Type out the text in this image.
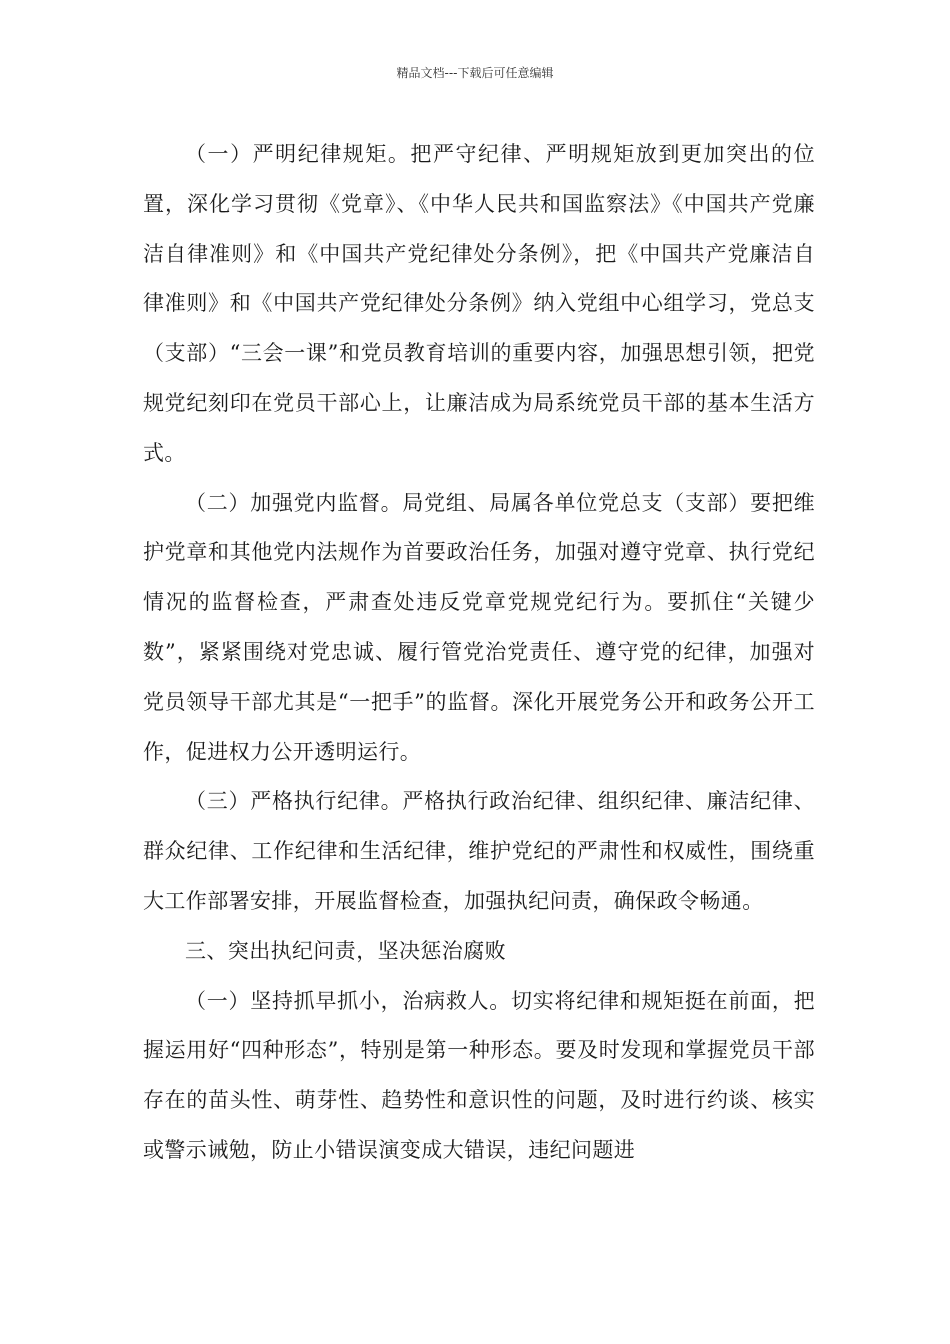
精品文档---下载后可任意编辑

（一）严明纪律规矩。把严守纪律、严明规矩放到更加突出的位置，深化学习贯彻《党章》、《中华人民共和国监察法》《中国共产党廉洁自律准则》和《中国共产党纪律处分条例》，把《中国共产党廉洁自律准则》和《中国共产党纪律处分条例》纳入党组中心组学习，党总支（支部）“三会一课”和党员教育培训的重要内容，加强思想引领，把党规党纪刻印在党员干部心上，让廉洁成为局系统党员干部的基本生活方式。

（二）加强党内监督。局党组、局属各单位党总支（支部）要把维护党章和其他党内法规作为首要政治任务，加强对遵守党章、执行党纪情况的监督检查，严肃查处违反党章党规党纪行为。要抓住“关键少数”，紧紧围绕对党忠诚、履行管党治党责任、遵守党的纪律，加强对党员领导干部尤其是“一把手”的监督。深化开展党务公开和政务公开工作，促进权力公开透明运行。

（三）严格执行纪律。严格执行政治纪律、组织纪律、廉洁纪律、群众纪律、工作纪律和生活纪律，维护党纪的严肃性和权威性，围绕重大工作部署安排，开展监督检查，加强执纪问责，确保政令畅通。

三、突出执纪问责，坚决惩治腐败

（一）坚持抓早抓小，治病救人。切实将纪律和规矩挺在前面，把握运用好“四种形态”，特别是第一种形态。要及时发现和掌握党员干部存在的苗头性、萌芽性、趋势性和意识性的问题，及时进行约谈、核实或警示诫勉，防止小错误演变成大错误，违纪问题进
